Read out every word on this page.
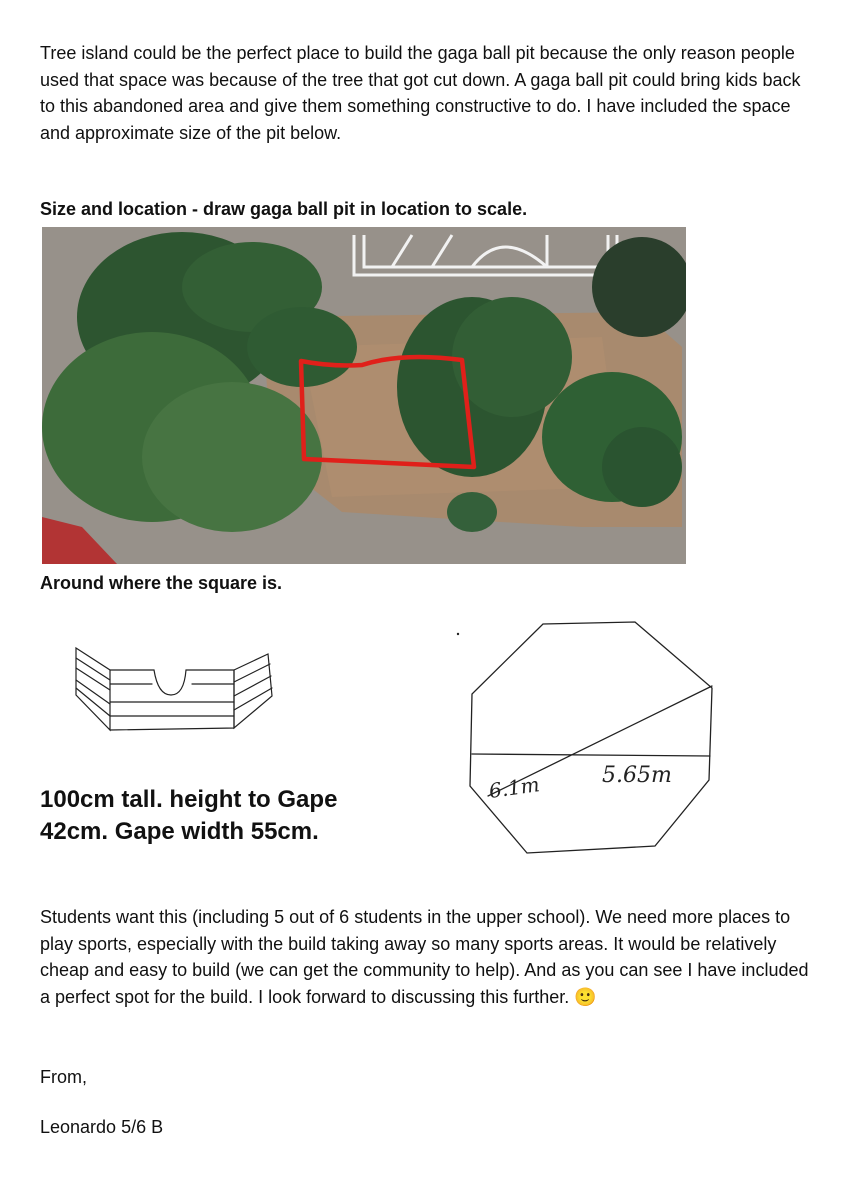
Tree island could be the perfect place to build the gaga ball pit because the only reason people used that space was because of the tree that got cut down. A gaga ball pit could bring kids back to this abandoned area and give them something constructive to do. I have included the space and approximate size of the pit below.

Size and location - draw gaga ball pit in location to scale.

Around where the square is.

6.1m	5.65m
100cm tall. height to Gape
42cm. Gape width 55cm.

Students want this (including 5 out of 6 students in the upper school). We need more places to play sports, especially with the build taking away so many sports areas. It would be relatively cheap and easy to build (we can get the community to help). And as you can see I have included a perfect spot for the build. I look forward to discussing this further. 🙂

From,

Leonardo 5/6 B
